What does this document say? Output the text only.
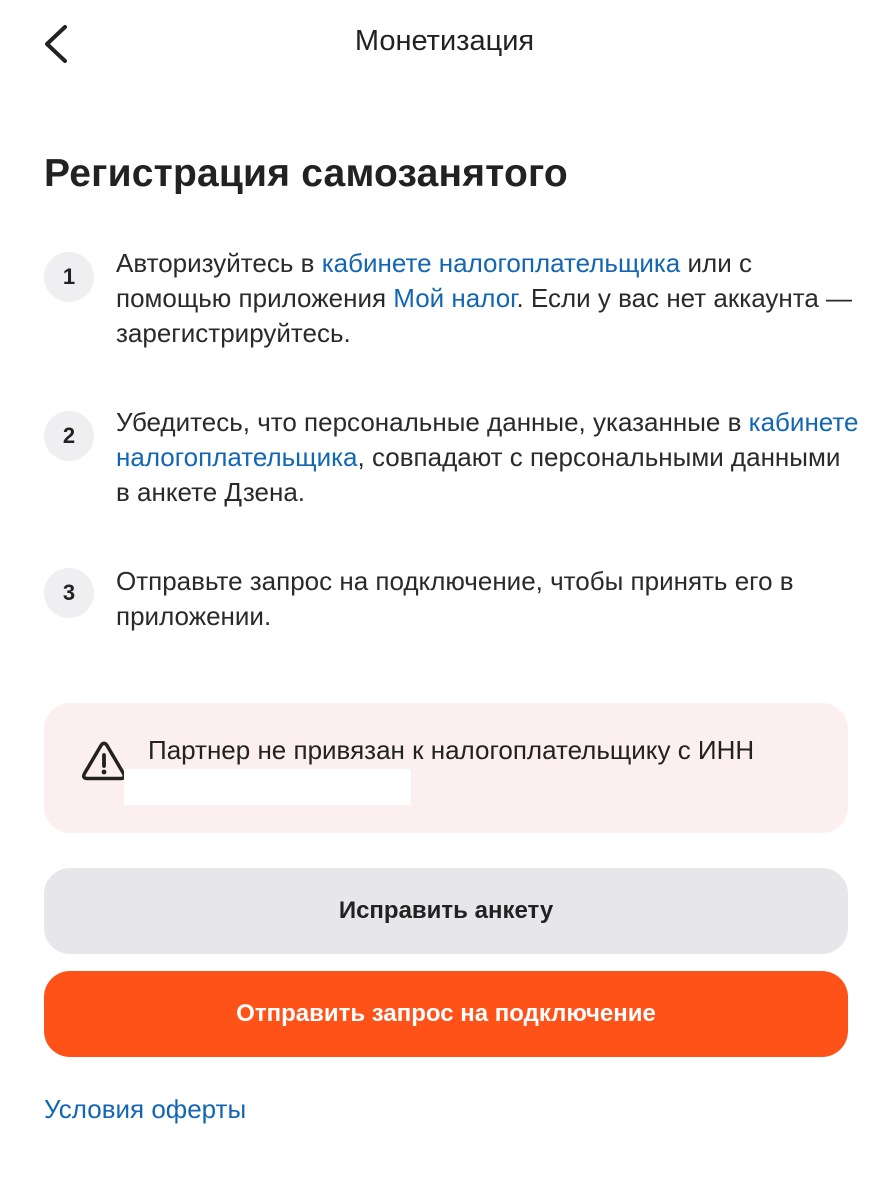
Монетизация
Регистрация самозанятого
1	Авторизуйтесь в кабинете налогоплательщика или с помощью приложения Мой налог. Если у вас нет аккаунта — зарегистрируйтесь.
2	Убедитесь, что персональные данные, указанные в кабинете налогоплательщика, совпадают с персональными данными в анкете Дзена.
3	Отправьте запрос на подключение, чтобы принять его в приложении.
Партнер не привязан к налогоплательщику с ИНН
Исправить анкету
Отправить запрос на подключение
Условия оферты
